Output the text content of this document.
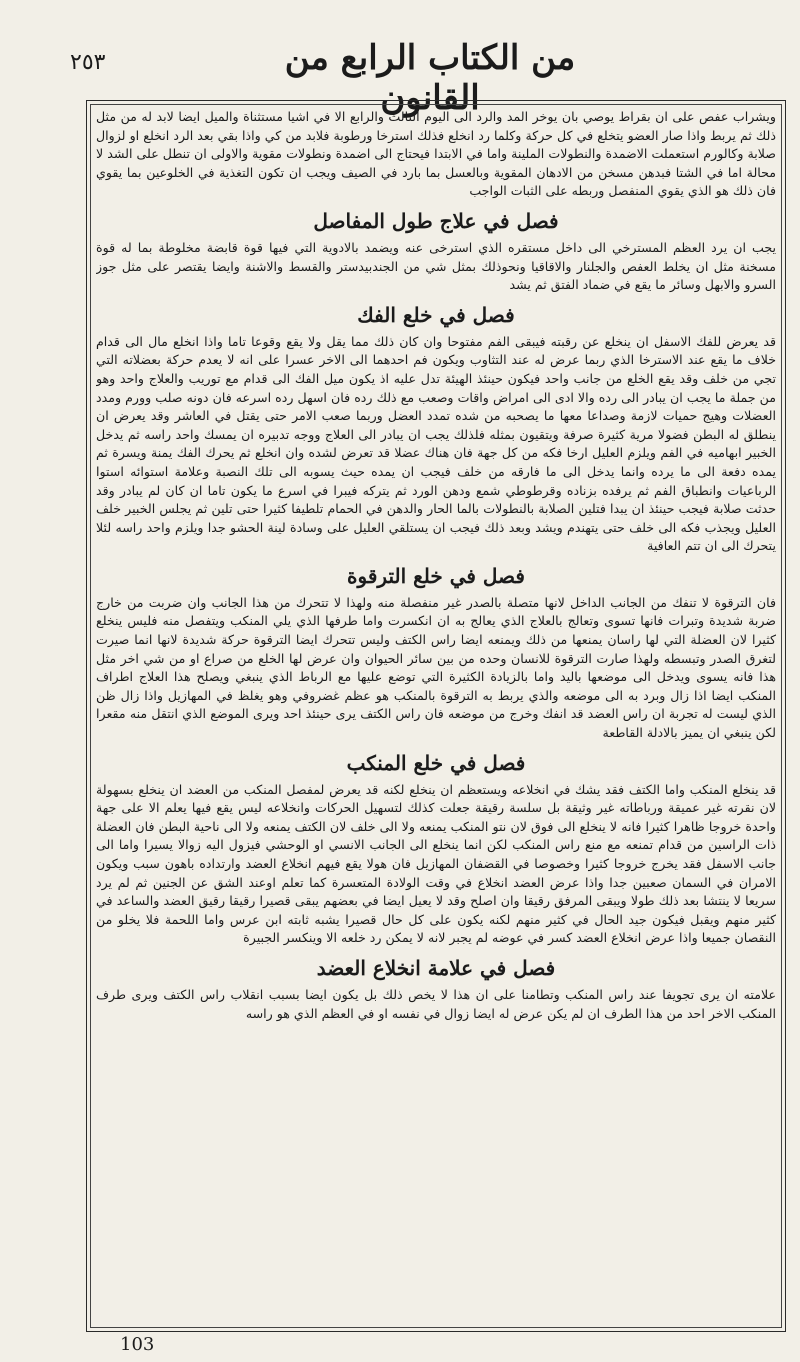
٢٥٣	من الكتاب الرابع من القانون

ويشراب عفص على ان بقراط يوصي بان يوخر المد والرد الى اليوم الثالث والرابع الا في اشيا مستثناة والميل ايضا لابد له من مثل ذلك ثم يربط واذا صار العضو يتخلع في كل حركة وكلما رد انخلع فذلك استرخا ورطوبة فلابد من كي واذا بقي بعد الرد انخلع او لزوال صلابة وكالورم استعملت الاضمدة والنطولات الملينة واما في الابتدا فيحتاج الى اضمدة ونطولات مقوية والاولى ان تنطل على الشد لا محالة اما في الشتا فبدهن مسخن من الادهان المقوية وبالعسل بما بارد في الصيف ويجب ان تكون التغذية في الخلوعين بما يقوي فان ذلك هو الذي يقوي المنفصل وربطه على الثبات الواجب

فصل في علاج طول المفاصل

يجب ان يرد العظم المسترخي الى داخل مستقره الذي استرخى عنه ويضمد بالادوية التي فيها قوة قابضة مخلوطة بما له قوة مسخنة مثل ان يخلط العفص والجلنار والاقاقيا ونحوذلك بمثل شي من الجندبيدستر والقسط والاشنة وايضا يقتصر على مثل جوز السرو والابهل وسائر ما يقع في ضماد الفتق ثم يشد

فصل في خلع الفك

قد يعرض للفك الاسفل ان ينخلع عن رقبته فيبقى الفم مفتوحا وان كان ذلك مما يقل ولا يقع وقوعا تاما واذا انخلع مال الى قدام خلاف ما يقع عند الاسترخا الذي ربما عرض له عند التثاوب ويكون فم احدهما الى الاخر عسرا على انه لا يعدم حركة بعضلاته التي تجي من خلف وقد يقع الخلع من جانب واحد فيكون حينئذ الهيئة تدل عليه اذ يكون ميل الفك الى قدام مع توريب والعلاج واحد وهو من جملة ما يجب ان يبادر الى رده والا ادى الى امراض واقات وصعب مع ذلك رده فان اسهل رده اسرعه فان دونه صلب وورم ومدد العضلات وهيج حميات لازمة وصداعا معها ما يصحبه من شده تمدد العضل وربما صعب الامر حتى يقتل في العاشر وقد يعرض ان ينطلق له البطن فضولا مرية كثيرة صرفة ويتقيون بمثله فلذلك يجب ان يبادر الى العلاج ووجه تدبيره ان يمسك واحد راسه ثم يدخل الخبير ابهاميه في الفم ويلزم العليل ارخا فكه من كل جهة فان هناك عضلا قد تعرض لشده وان انخلع ثم يحرك الفك يمنة ويسرة ثم يمده دفعة الى ما يرده وانما يدخل الى ما فارقه من خلف فيجب ان يمده حيث يسوبه الى تلك النصبة وعلامة استوائه استوا الرباعيات وانطباق الفم ثم يرفده بزناده وقرطوطي شمع ودهن الورد ثم يتركه فيبرا في اسرع ما يكون تاما ان كان لم يبادر وقد حدثت صلابة فيجب حينئذ ان يبدا فتلين الصلابة بالنطولات بالما الحار والدهن في الحمام تلطيفا كثيرا حتى تلين ثم يجلس الخبير خلف العليل ويجذب فكه الى خلف حتى يتهندم ويشد وبعد ذلك فيجب ان يستلقي العليل على وسادة لينة الحشو جدا ويلزم واحد راسه لئلا يتحرك الى ان تتم العافية

فصل في خلع الترقوة

فان الترقوة لا تنفك من الجانب الداخل لانها متصلة بالصدر غير منفصلة منه ولهذا لا تتحرك من هذا الجانب وان ضربت من خارج ضربة شديدة وتبرات فانها تسوى وتعالج بالعلاج الذي يعالج به ان انكسرت واما طرفها الذي يلي المنكب ويتفصل منه فليس ينخلع كثيرا لان العضلة التي لها راسان يمنعها من ذلك ويمنعه ايضا راس الكتف وليس تتحرك ايضا الترقوة حركة شديدة لانها انما صيرت لتغرق الصدر وتبسطه ولهذا صارت الترقوة للانسان وحده من بين سائر الحيوان وان عرض لها الخلع من صراع او من شي اخر مثل هذا فانه يسوى ويدخل الى موضعها باليد واما بالزيادة الكثيرة التي توضع عليها مع الرباط الذي ينبغي ويصلح هذا العلاج اطراف المنكب ايضا اذا زال وبرد به الى موضعه والذي يربط به الترقوة بالمنكب هو عظم غضروفي وهو يغلظ في المهازيل واذا زال ظن الذي ليست له تجربة ان راس العضد قد انفك وخرج من موضعه فان راس الكتف يرى حينئذ احد ويرى الموضع الذي انتقل منه مقعرا لكن ينبغي ان يميز بالادلة القاطعة

فصل في خلع المنكب

قد ينخلع المنكب واما الكتف فقد يشك في انخلاعه ويستعظم ان ينخلع لكنه قد يعرض لمفصل المنكب من العضد ان ينخلع بسهولة لان نقرته غير عميقة ورباطاته غير وثيقة بل سلسة رقيقة جعلت كذلك لتسهيل الحركات وانخلاعه ليس يقع فيها يعلم الا على جهة واحدة خروجا ظاهرا كثيرا فانه لا ينخلع الى فوق لان نتو المنكب يمنعه ولا الى خلف لان الكتف يمنعه ولا الى ناحية البطن فان العضلة ذات الراسين من قدام تمنعه مع منع راس المنكب لكن انما ينخلع الى الجانب الانسي او الوحشي فيزول اليه زوالا يسيرا واما الى جانب الاسفل فقد يخرج خروجا كثيرا وخصوصا في القضفان المهازيل فان هولا يقع فيهم انخلاع العضد وارتداده باهون سبب ويكون الامران في السمان صعبين جدا واذا عرض العضد انخلاع في وقت الولادة المتعسرة كما تعلم اوعند الشق عن الجنين ثم لم يرد سريعا لا ينتشا بعد ذلك طولا ويبقى المرفق رقيقا وان اصلح وقد لا يعيل ايضا في بعضهم يبقى قصيرا رقيقا رقيق العضد والساعد في كثير منهم ويقبل فيكون جيد الحال في كثير منهم لكنه يكون على كل حال قصيرا يشبه ثابته ابن عرس واما اللحمة فلا يخلو من النقصان جميعا واذا عرض انخلاع العضد كسر في عوضه لم يجبر لانه لا يمكن رد خلعه الا وينكسر الجبيرة

فصل في علامة انخلاع العضد

علامته ان يرى تجويفا عند راس المنكب وتطامنا على ان هذا لا يخص ذلك بل يكون ايضا بسبب انقلاب راس الكتف ويرى طرف المنكب الاخر احد من هذا الطرف ان لم يكن عرض له ايضا زوال في نفسه او في العظم الذي هو راسه

103
